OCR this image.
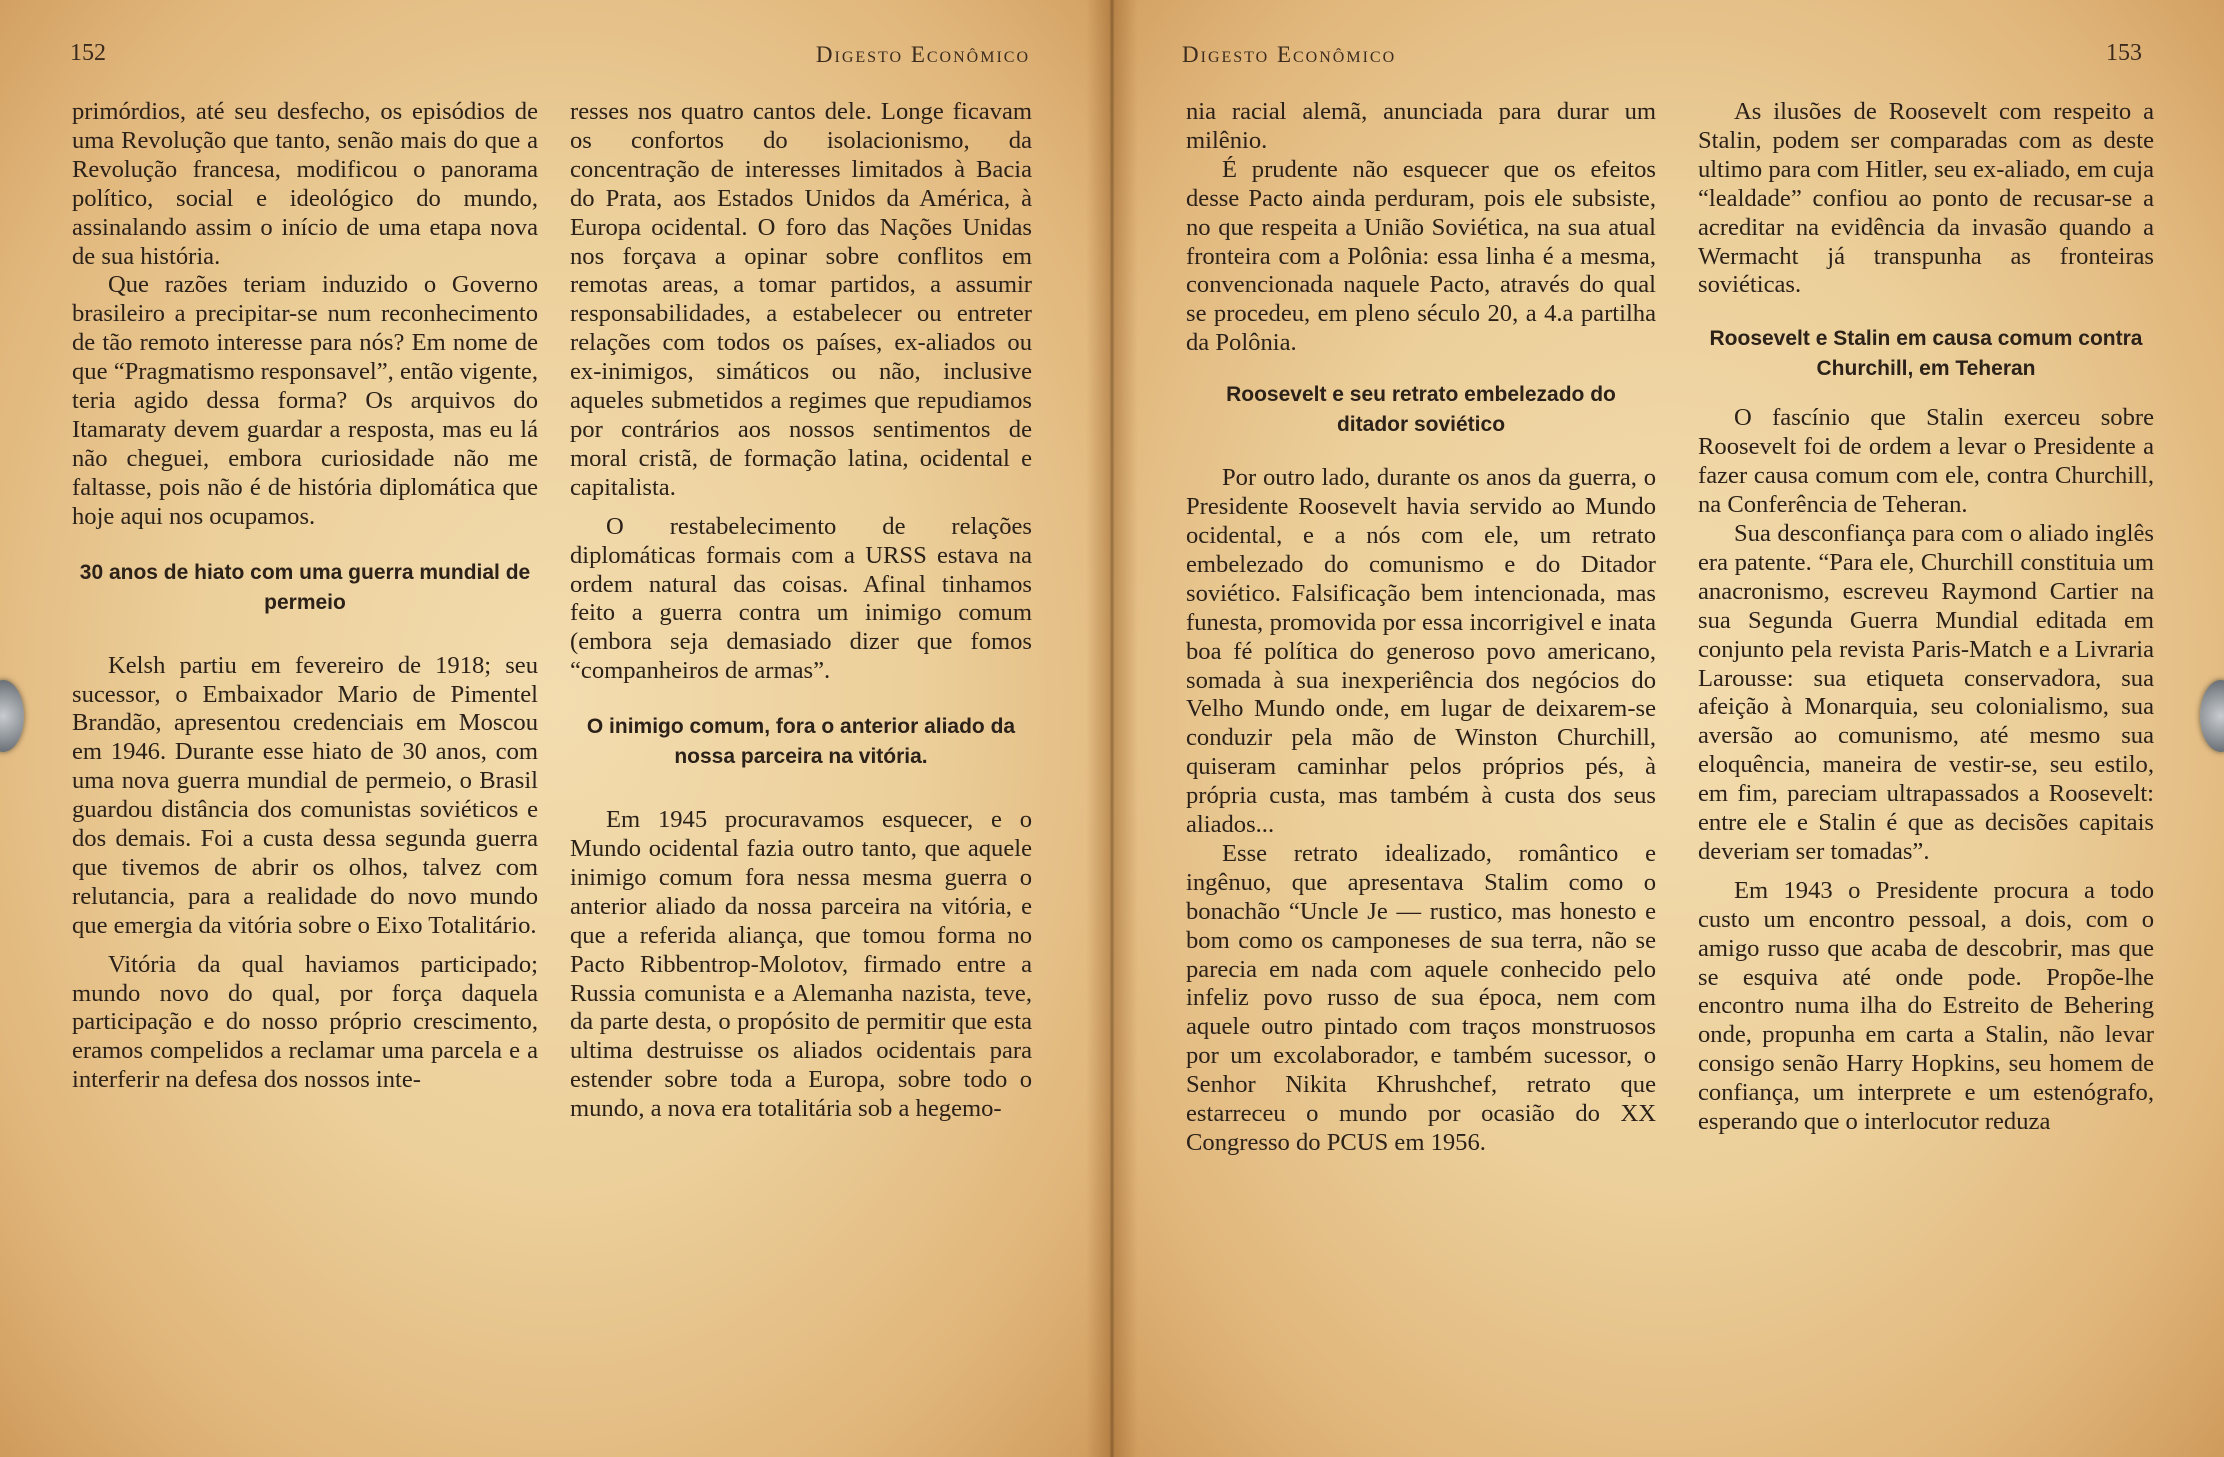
152	Digesto Econômico

primórdios, até seu desfecho, os episódios de uma Revolução que tanto, senão mais do que a Revolução francesa, modificou o panorama político, social e ideológico do mundo, assinalando assim o início de uma etapa nova de sua história.

Que razões teriam induzido o Governo brasileiro a precipitar-se num reconhecimento de tão remoto interesse para nós? Em nome de que “Pragmatismo responsavel”, então vigente, teria agido dessa forma? Os arquivos do Itamaraty devem guardar a resposta, mas eu lá não cheguei, embora curiosidade não me faltasse, pois não é de história diplomática que hoje aqui nos ocupamos.

30 anos de hiato com uma guerra mundial de permeio

Kelsh partiu em fevereiro de 1918; seu sucessor, o Embaixador Mario de Pimentel Brandão, apresentou credenciais em Moscou em 1946. Durante esse hiato de 30 anos, com uma nova guerra mundial de permeio, o Brasil guardou distância dos comunistas soviéticos e dos demais. Foi a custa dessa segunda guerra que tivemos de abrir os olhos, talvez com relutancia, para a realidade do novo mundo que emergia da vitória sobre o Eixo Totalitário.

Vitória da qual haviamos participado; mundo novo do qual, por força daquela participação e do nosso próprio crescimento, eramos compelidos a reclamar uma parcela e a interferir na defesa dos nossos inte-

resses nos quatro cantos dele. Longe ficavam os confortos do isolacionismo, da concentração de interesses limitados à Bacia do Prata, aos Estados Unidos da América, à Europa ocidental. O foro das Nações Unidas nos forçava a opinar sobre conflitos em remotas areas, a tomar partidos, a assumir responsabilidades, a estabelecer ou entreter relações com todos os países, ex-aliados ou ex-inimigos, simáticos ou não, inclusive aqueles submetidos a regimes que repudiamos por contrários aos nossos sentimentos de moral cristã, de formação latina, ocidental e capitalista.

O restabelecimento de relações diplomáticas formais com a URSS estava na ordem natural das coisas. Afinal tinhamos feito a guerra contra um inimigo comum (embora seja demasiado dizer que fomos “companheiros de armas”.

O inimigo comum, fora o anterior aliado da nossa parceira na vitória.

Em 1945 procuravamos esquecer, e o Mundo ocidental fazia outro tanto, que aquele inimigo comum fora nessa mesma guerra o anterior aliado da nossa parceira na vitória, e que a referida aliança, que tomou forma no Pacto Ribbentrop-Molotov, firmado entre a Russia comunista e a Alemanha nazista, teve, da parte desta, o propósito de permitir que esta ultima destruisse os aliados ocidentais para estender sobre toda a Europa, sobre todo o mundo, a nova era totalitária sob a hegemo-

Digesto Econômico	153

nia racial alemã, anunciada para durar um milênio.

É prudente não esquecer que os efeitos desse Pacto ainda perduram, pois ele subsiste, no que respeita a União Soviética, na sua atual fronteira com a Polônia: essa linha é a mesma, convencionada naquele Pacto, através do qual se procedeu, em pleno século 20, a 4.a partilha da Polônia.

Roosevelt e seu retrato embelezado do ditador soviético

Por outro lado, durante os anos da guerra, o Presidente Roosevelt havia servido ao Mundo ocidental, e a nós com ele, um retrato embelezado do comunismo e do Ditador soviético. Falsificação bem intencionada, mas funesta, promovida por essa incorrigivel e inata boa fé política do generoso povo americano, somada à sua inexperiência dos negócios do Velho Mundo onde, em lugar de deixarem-se conduzir pela mão de Winston Churchill, quiseram caminhar pelos próprios pés, à própria custa, mas também à custa dos seus aliados...

Esse retrato idealizado, romântico e ingênuo, que apresentava Stalim como o bonachão “Uncle Je — rustico, mas honesto e bom como os camponeses de sua terra, não se parecia em nada com aquele conhecido pelo infeliz povo russo de sua época, nem com aquele outro pintado com traços monstruosos por um excolaborador, e também sucessor, o Senhor Nikita Khrushchef, retrato que estarreceu o mundo por ocasião do XX Congresso do PCUS em 1956.

As ilusões de Roosevelt com respeito a Stalin, podem ser comparadas com as deste ultimo para com Hitler, seu ex-aliado, em cuja “lealdade” confiou ao ponto de recusar-se a acreditar na evidência da invasão quando a Wermacht já transpunha as fronteiras soviéticas.

Roosevelt e Stalin em causa comum contra Churchill, em Teheran

O fascínio que Stalin exerceu sobre Roosevelt foi de ordem a levar o Presidente a fazer causa comum com ele, contra Churchill, na Conferência de Teheran.

Sua desconfiança para com o aliado inglês era patente. “Para ele, Churchill constituia um anacronismo, escreveu Raymond Cartier na sua Segunda Guerra Mundial editada em conjunto pela revista Paris-Match e a Livraria Larousse: sua etiqueta conservadora, sua afeição à Monarquia, seu colonialismo, sua aversão ao comunismo, até mesmo sua eloquência, maneira de vestir-se, seu estilo, em fim, pareciam ultrapassados a Roosevelt: entre ele e Stalin é que as decisões capitais deveriam ser tomadas”.

Em 1943 o Presidente procura a todo custo um encontro pessoal, a dois, com o amigo russo que acaba de descobrir, mas que se esquiva até onde pode. Propõe-lhe encontro numa ilha do Estreito de Behering onde, propunha em carta a Stalin, não levar consigo senão Harry Hopkins, seu homem de confiança, um interprete e um estenógrafo, esperando que o interlocutor reduza
